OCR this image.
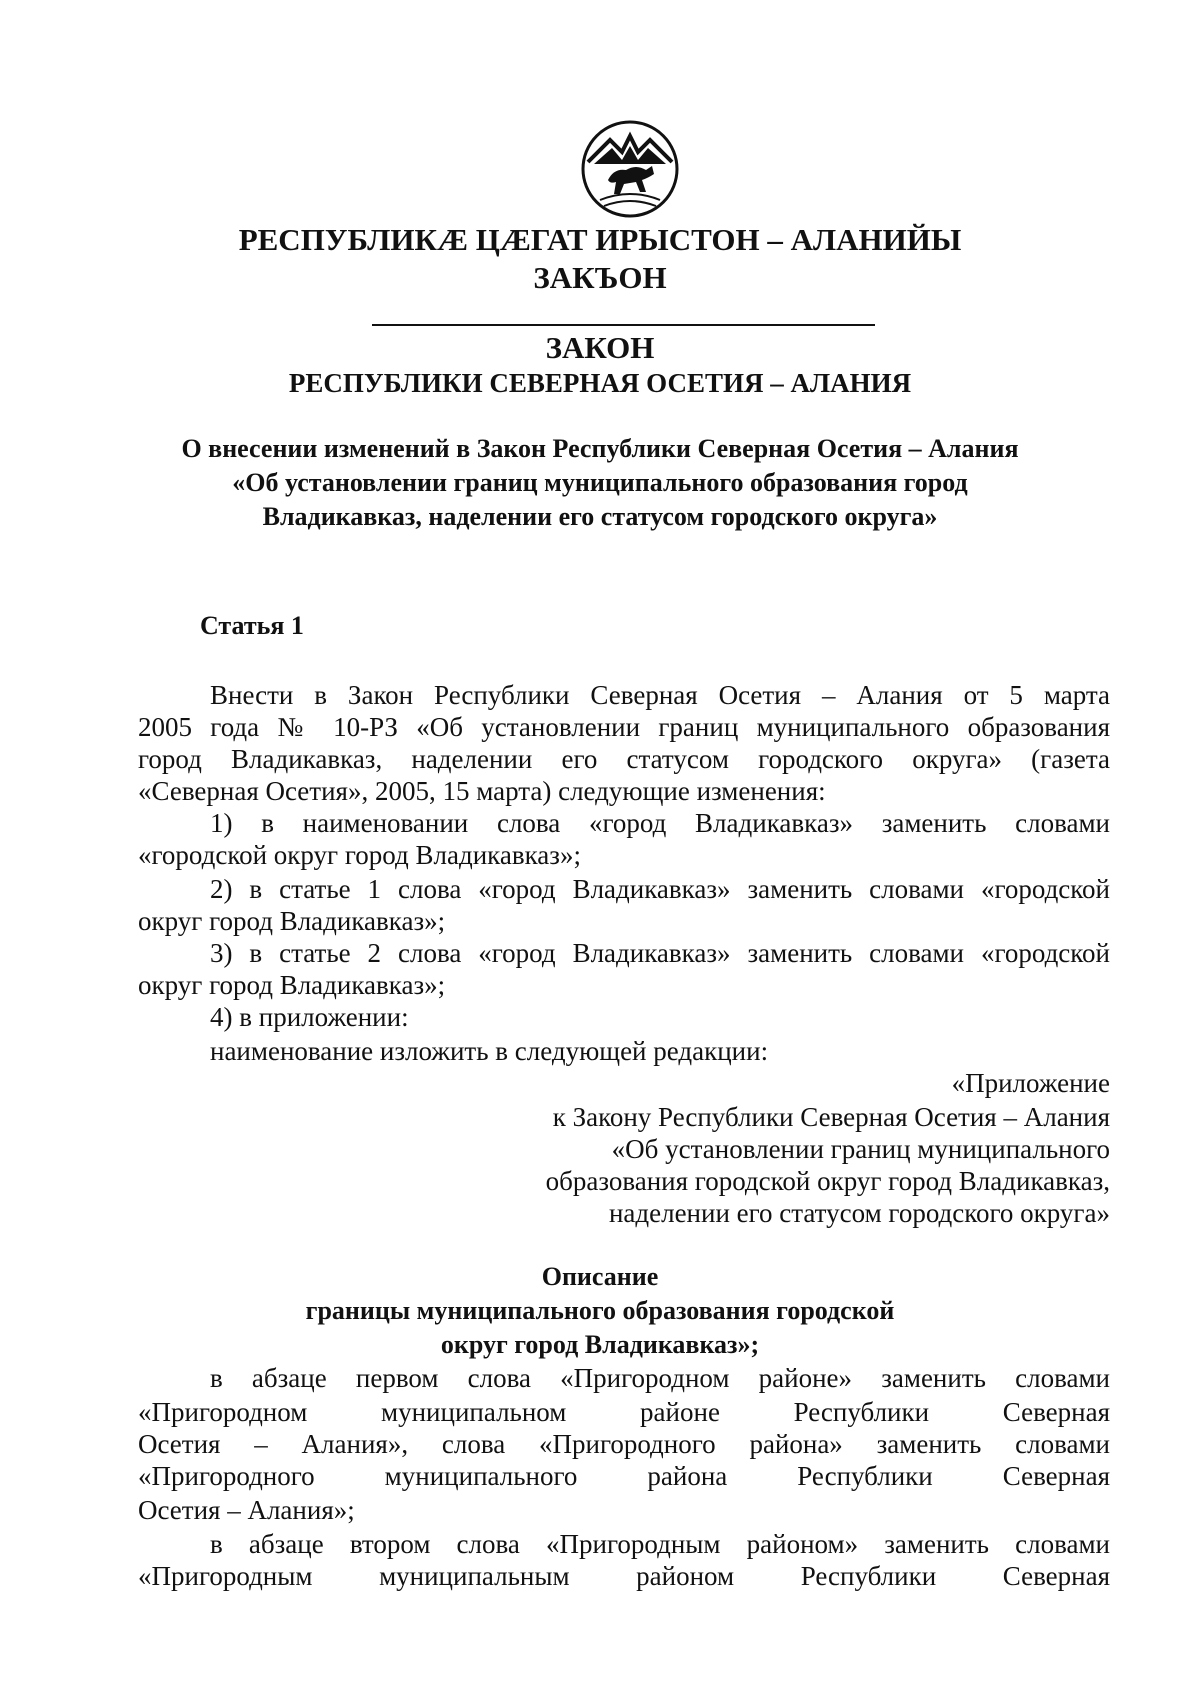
РЕСПУБЛИКÆ ЦÆГАТ ИРЫСТОН – АЛАНИЙЫ
ЗАКЪОН
ЗАКОН
РЕСПУБЛИКИ СЕВЕРНАЯ ОСЕТИЯ – АЛАНИЯ
О внесении изменений в Закон Республики Северная Осетия – Алания
«Об установлении границ муниципального образования город
Владикавказ, наделении его статусом городского округа»
Статья 1
Внести в Закон Республики Северная Осетия – Алания от 5 марта
2005 года № 10-РЗ «Об установлении границ муниципального образования
город Владикавказ, наделении его статусом городского округа» (газета
«Северная Осетия», 2005, 15 марта) следующие изменения:
1) в наименовании слова «город Владикавказ» заменить словами
«городской округ город Владикавказ»;
2) в статье 1 слова «город Владикавказ» заменить словами «городской
округ город Владикавказ»;
3) в статье 2 слова «город Владикавказ» заменить словами «городской
округ город Владикавказ»;
4) в приложении:
наименование изложить в следующей редакции:
«Приложение
к Закону Республики Северная Осетия – Алания
«Об установлении границ муниципального
образования городской округ город Владикавказ,
наделении его статусом городского округа»
Описание
границы муниципального образования городской
округ город Владикавказ»;
в абзаце первом слова «Пригородном районе» заменить словами
«Пригородном муниципальном районе Республики Северная
Осетия – Алания», слова «Пригородного района» заменить словами
«Пригородного муниципального района Республики Северная
Осетия – Алания»;
в абзаце втором слова «Пригородным районом» заменить словами
«Пригородным муниципальным районом Республики Северная
